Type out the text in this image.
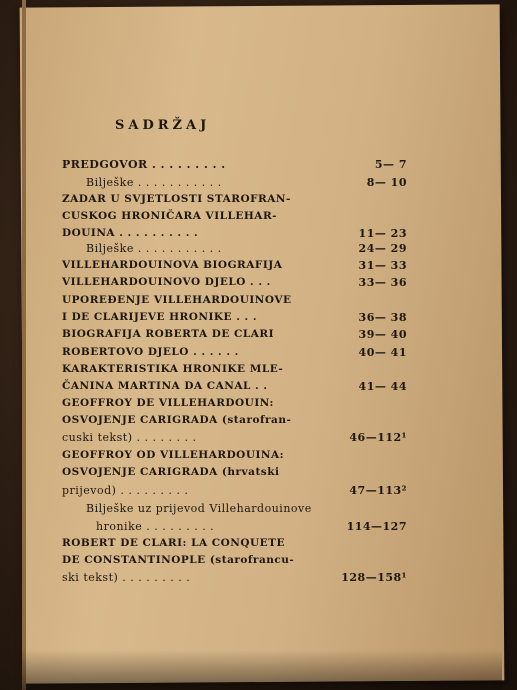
SADRŽAJ
PREDGOVOR . . . . . . . . .	5— 7
Bilješke . . . . . . . . . . .	8— 10
ZADAR U SVJETLOSTI STAROFRAN-
CUSKOG HRONIČARA VILLEHAR-
DOUINA . . . . . . . . . .	11— 23
Bilješke . . . . . . . . . . .	24— 29
VILLEHARDOUINOVA BIOGRAFIJA	31— 33
VILLEHARDOUINOVO DJELO . . .	33— 36
UPOREĐENJE VILLEHARDOUINOVE
I DE CLARIJEVE HRONIKE . . .	36— 38
BIOGRAFIJA ROBERTA DE CLARI	39— 40
ROBERTOVO DJELO . . . . . .	40— 41
KARAKTERISTIKA HRONIKE MLE-
ČANINA MARTINA DA CANAL . .	41— 44
GEOFFROY DE VILLEHARDOUIN:
OSVOJENJE CARIGRADA (starofran-
cuski tekst) . . . . . . . .	46—112¹
GEOFFROY OD VILLEHARDOUINA:
OSVOJENJE CARIGRADA (hrvatski
prijevod) . . . . . . . . .	47—113²
Bilješke uz prijevod Villehardouinove
hronike . . . . . . . . .	114—127
ROBERT DE CLARI: LA CONQUETE
DE CONSTANTINOPLE (starofrancu-
ski tekst) . . . . . . . . .	128—158¹
